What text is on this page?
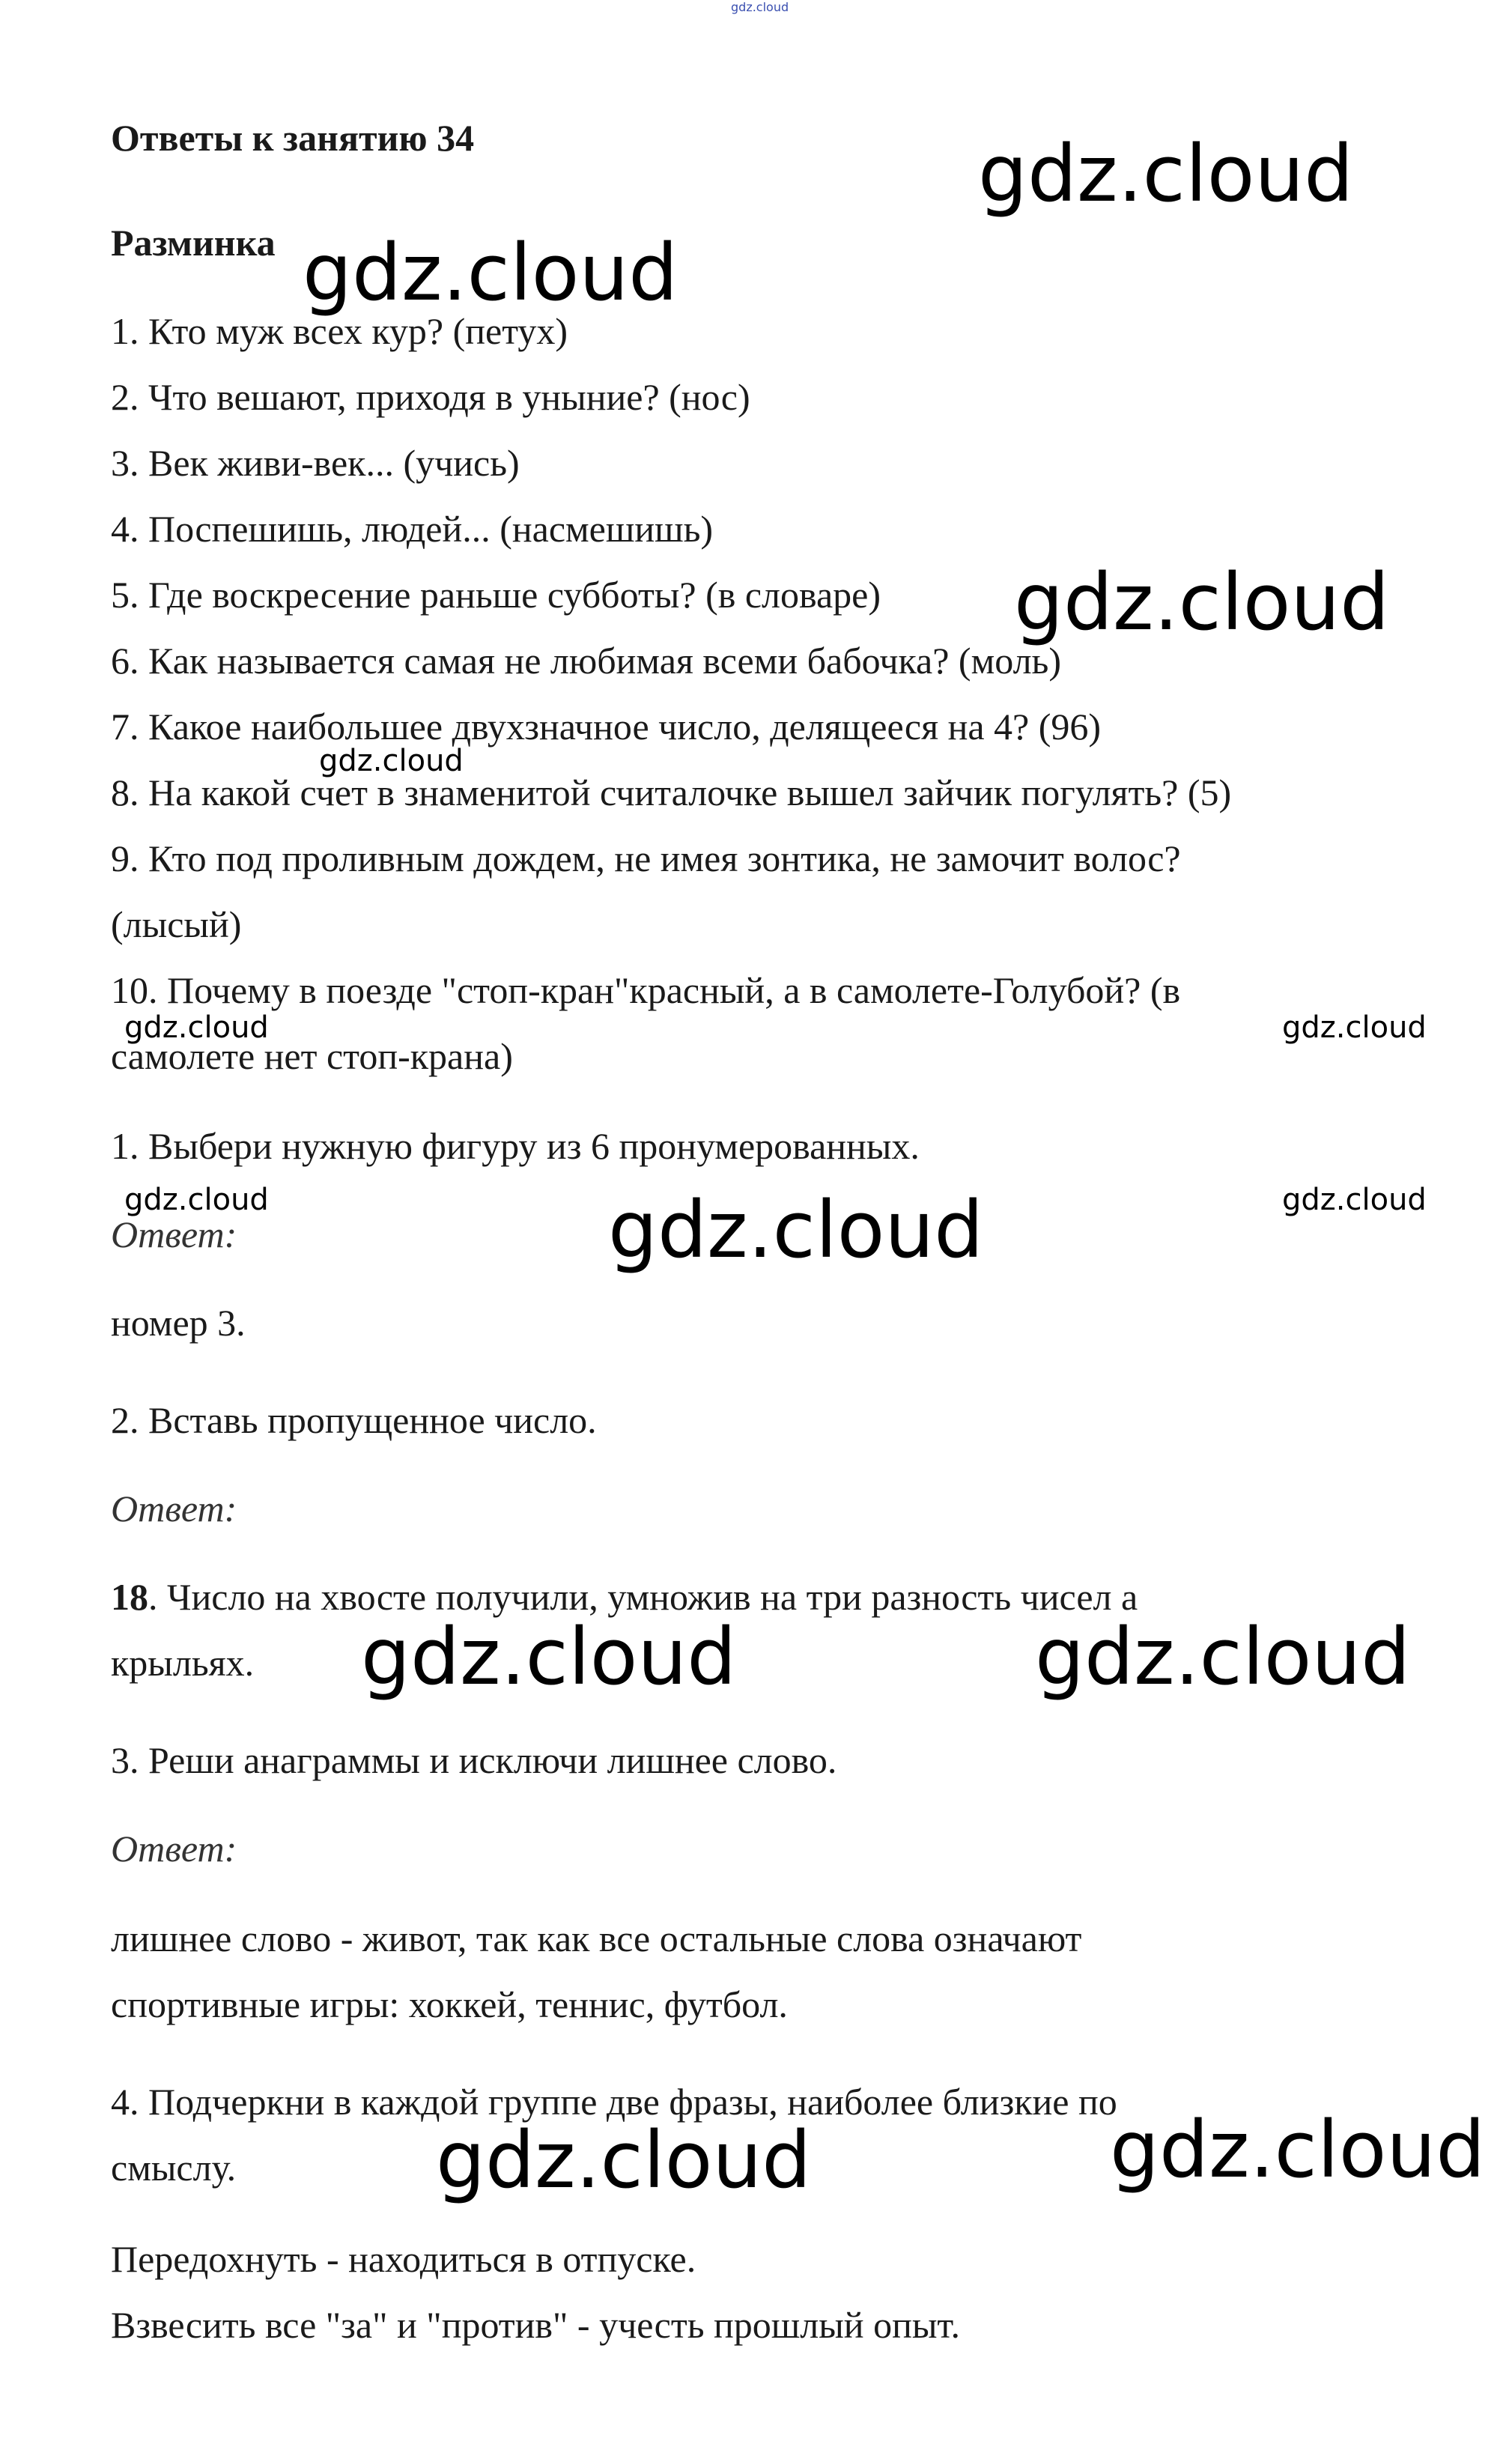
gdz.cloud

Ответы к занятию 34

Разминка

1. Кто муж всех кур? (петух)

2. Что вешают, приходя в уныние? (нос)

3. Век живи-век... (учись)

4. Поспешишь, людей... (насмешишь)

5. Где воскресение раньше субботы? (в словаре)

6. Как называется самая не любимая всеми бабочка? (моль)

7. Какое наибольшее двухзначное число, делящееся на 4? (96)

8. На какой счет в знаменитой считалочке вышел зайчик погулять? (5)

9. Кто под проливным дождем, не имея зонтика, не замочит волос?

(лысый)

10. Почему в поезде "стоп-кран"красный, а в самолете-Голубой? (в

самолете нет стоп-крана)

1. Выбери нужную фигуру из 6 пронумерованных.

Ответ:

номер 3.

2. Вставь пропущенное число.

Ответ:

18. Число на хвосте получили, умножив на три разность чисел а

крыльях.

3. Реши анаграммы и исключи лишнее слово.

Ответ:

лишнее слово - живот, так как все остальные слова означают

спортивные игры: хоккей, теннис, футбол.

4. Подчеркни в каждой группе две фразы, наиболее близкие по

смыслу.

Передохнуть - находиться в отпуске.

Взвесить все "за" и "против" - учесть прошлый опыт.

gdz.cloud
gdz.cloud
gdz.cloud
gdz.cloud
gdz.cloud	gdz.cloud
gdz.cloud	gdz.cloud
gdz.cloud
gdz.cloud	gdz.cloud
gdz.cloud	gdz.cloud
